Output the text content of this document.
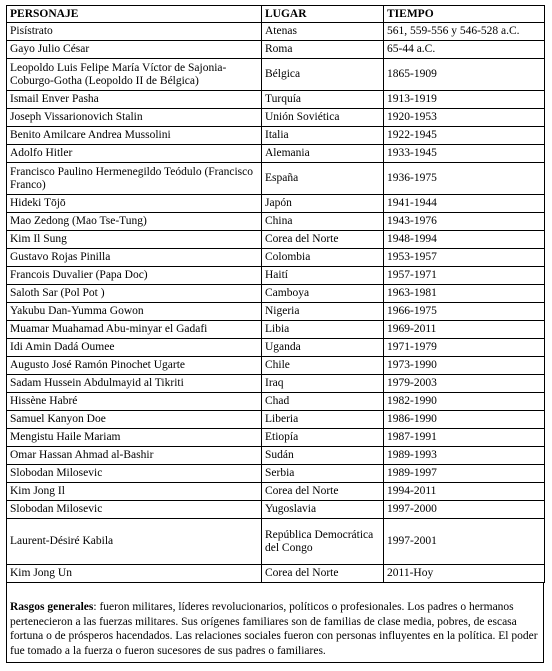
PERSONAJE	LUGAR	TIEMPO
Pisístrato	Atenas	561, 559-556 y 546-528 a.C.
Gayo Julio César	Roma	65-44 a.C.
Leopoldo Luis Felipe María Víctor de Sajonia-Coburgo-Gotha (Leopoldo II de Bélgica)	Bélgica	1865-1909
Ismail Enver Pasha	Turquía	1913-1919
Joseph Vissarionovich Stalin	Unión Soviética	1920-1953
Benito Amilcare Andrea Mussolini	Italia	1922-1945
Adolfo Hitler	Alemania	1933-1945
Francisco Paulino Hermenegildo Teódulo (Francisco Franco)	España	1936-1975
Hideki Tōjō	Japón	1941-1944
Mao Zedong (Mao Tse-Tung)	China	1943-1976
Kim Il Sung	Corea del Norte	1948-1994
Gustavo Rojas Pinilla	Colombia	1953-1957
Francois Duvalier (Papa Doc)	Haití	1957-1971
Saloth Sar (Pol Pot )	Camboya	1963-1981
Yakubu Dan-Yumma Gowon	Nigeria	1966-1975
Muamar Muahamad Abu-minyar el Gadafi	Libia	1969-2011
Idi Amin Dadá Oumee	Uganda	1971-1979
Augusto José Ramón Pinochet Ugarte	Chile	1973-1990
Sadam Hussein Abdulmayid al Tikriti	Iraq	1979-2003
Hissène Habré	Chad	1982-1990
Samuel Kanyon Doe	Liberia	1986-1990
Mengistu Haile Mariam	Etiopía	1987-1991
Omar Hassan Ahmad al-Bashir	Sudán	1989-1993
Slobodan Milosevic	Serbia	1989-1997
Kim Jong Il	Corea del Norte	1994-2011
Slobodan Milosevic	Yugoslavia	1997-2000
Laurent-Désiré Kabila	República Democrática del Congo	1997-2001
Kim Jong Un	Corea del Norte	2011-Hoy
Rasgos generales: fueron militares, líderes revolucionarios, políticos o profesionales. Los padres o hermanos pertenecieron a las fuerzas militares. Sus orígenes familiares son de familias de clase media, pobres, de escasa fortuna o de prósperos hacendados. Las relaciones sociales fueron con personas influyentes en la política. El poder fue tomado a la fuerza o fueron sucesores de sus padres o familiares.
